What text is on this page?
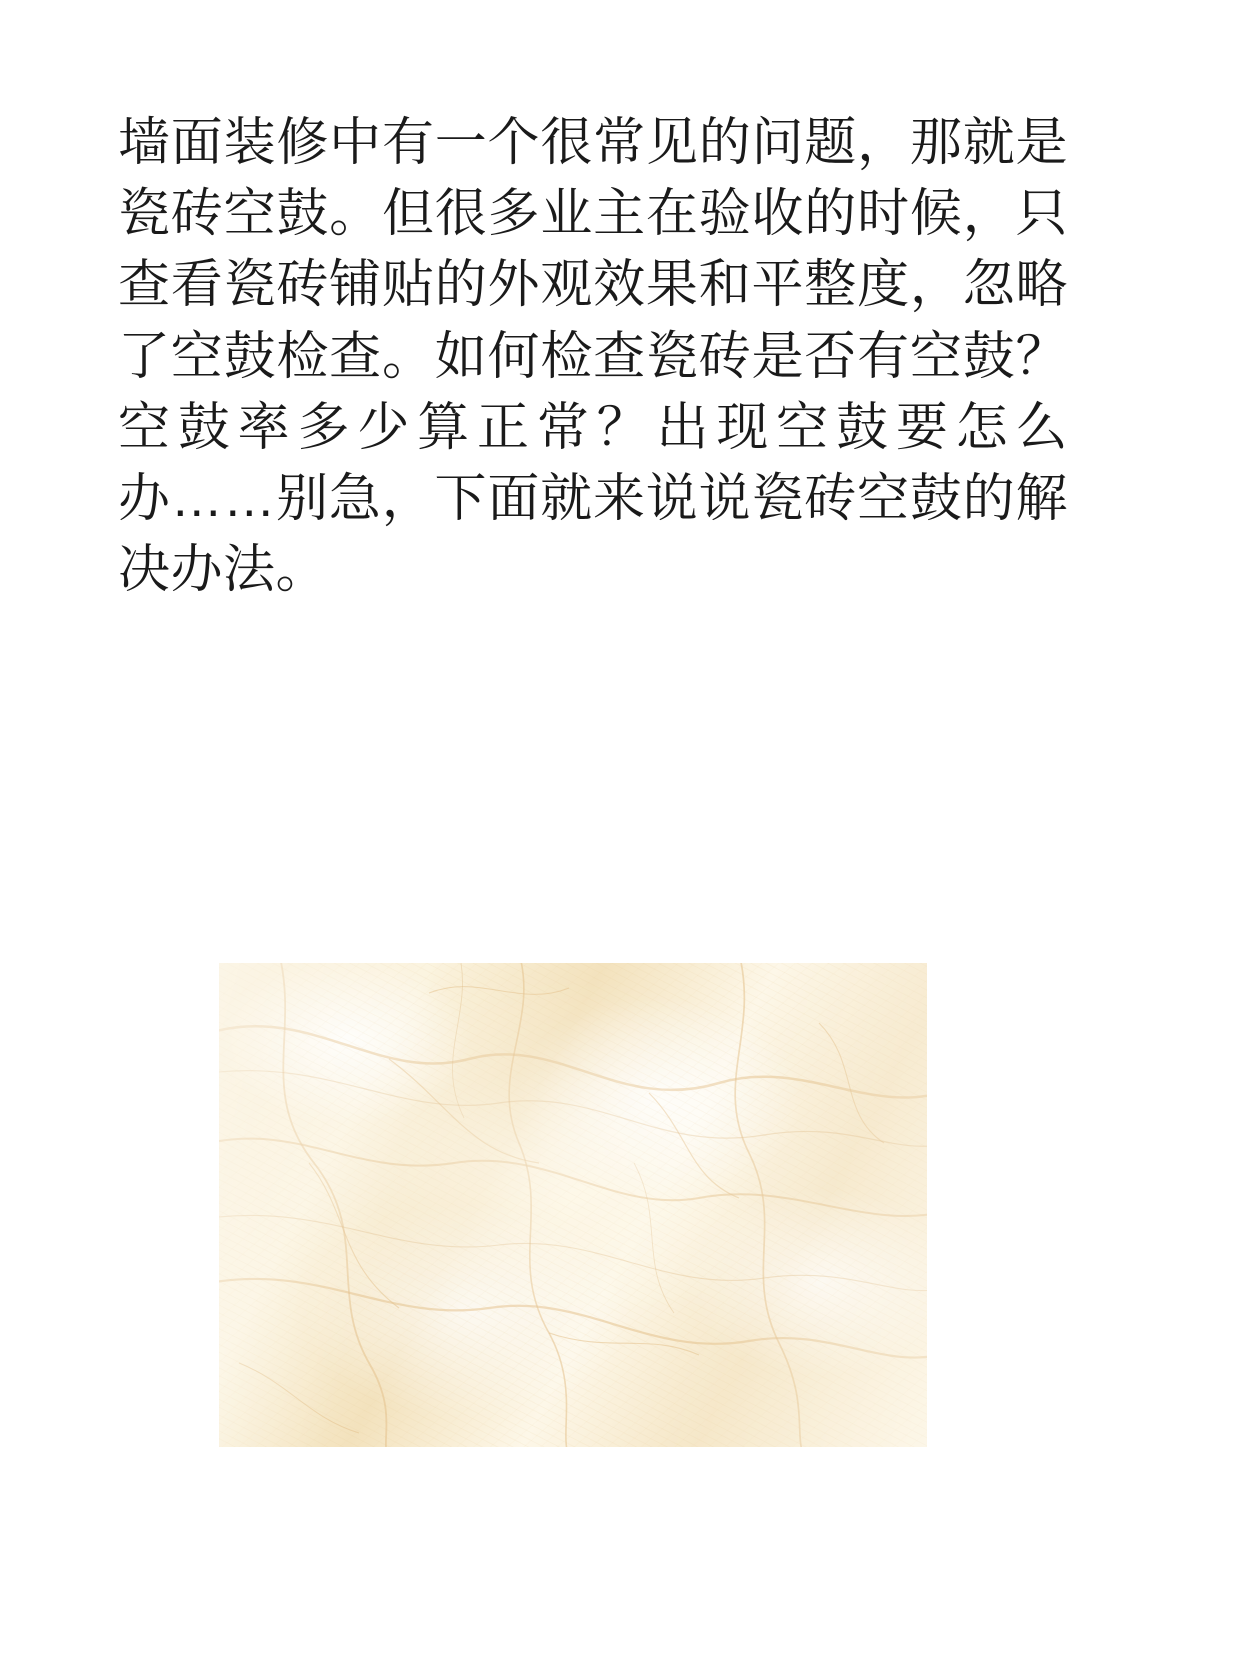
墙面装修中有一个很常见的问题，那就是瓷砖空鼓。但很多业主在验收的时候，只查看瓷砖铺贴的外观效果和平整度，忽略了空鼓检查。如何检查瓷砖是否有空鼓？空鼓率多少算正常？出现空鼓要怎么办……别急，下面就来说说瓷砖空鼓的解决办法。
